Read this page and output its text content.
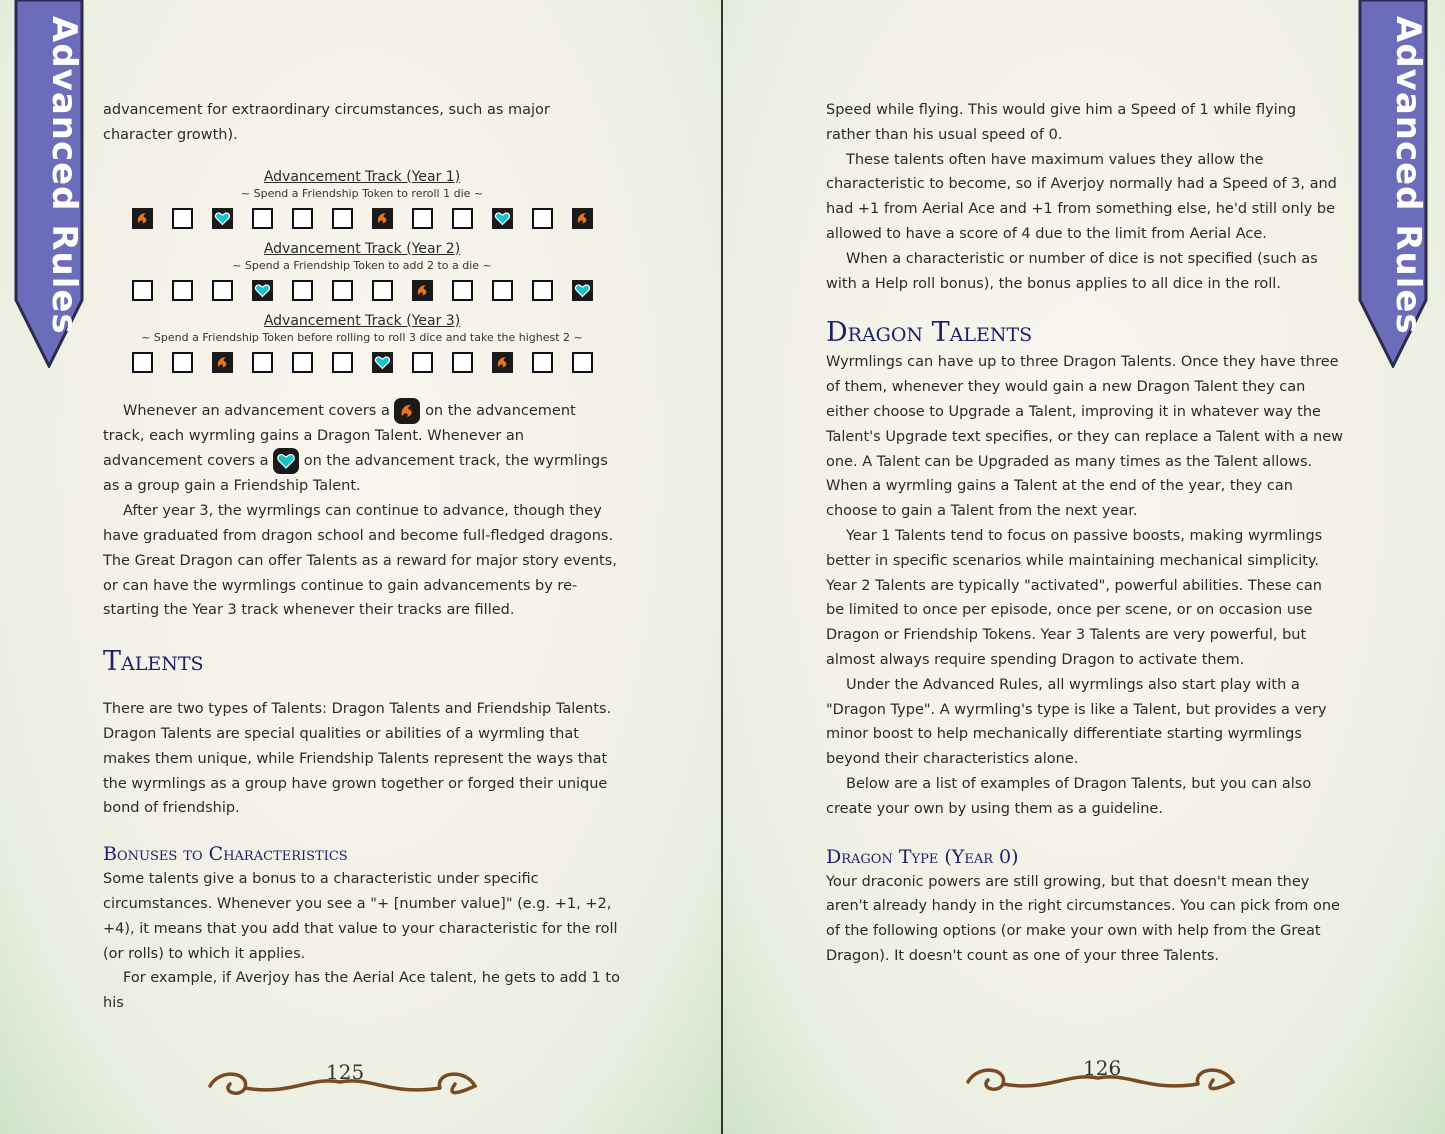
Advanced Rules	Advanced Rules

advancement for extraordinary circumstances, such as major character growth).

Advancement Track (Year 1)
~ Spend a Friendship Token to reroll 1 die ~
Advancement Track (Year 2)
~ Spend a Friendship Token to add 2 to a die ~
Advancement Track (Year 3)
~ Spend a Friendship Token before rolling to roll 3 dice and take the highest 2 ~

Whenever an advancement covers a on the advancement track, each wyrmling gains a Dragon Talent. Whenever an advancement covers a on the advancement track, the wyrmlings as a group gain a Friendship Talent.

After year 3, the wyrmlings can continue to advance, though they have graduated from dragon school and become full-fledged dragons. The Great Dragon can offer Talents as a reward for major story events, or can have the wyrmlings continue to gain advancements by re-starting the Year 3 track whenever their tracks are filled.

Talents

There are two types of Talents: Dragon Talents and Friendship Talents. Dragon Talents are special qualities or abilities of a wyrmling that makes them unique, while Friendship Talents represent the ways that the wyrmlings as a group have grown together or forged their unique bond of friendship.

Bonuses to Characteristics

Some talents give a bonus to a characteristic under specific circumstances. Whenever you see a "+ [number value]" (e.g. +1, +2, +4), it means that you add that value to your characteristic for the roll (or rolls) to which it applies.

For example, if Averjoy has the Aerial Ace talent, he gets to add 1 to his

Speed while flying. This would give him a Speed of 1 while flying rather than his usual speed of 0.

These talents often have maximum values they allow the characteristic to become, so if Averjoy normally had a Speed of 3, and had +1 from Aerial Ace and +1 from something else, he'd still only be allowed to have a score of 4 due to the limit from Aerial Ace.

When a characteristic or number of dice is not specified (such as with a Help roll bonus), the bonus applies to all dice in the roll.

Dragon Talents

Wyrmlings can have up to three Dragon Talents. Once they have three of them, whenever they would gain a new Dragon Talent they can either choose to Upgrade a Talent, improving it in whatever way the Talent's Upgrade text specifies, or they can replace a Talent with a new one. A Talent can be Upgraded as many times as the Talent allows. When a wyrmling gains a Talent at the end of the year, they can choose to gain a Talent from the next year.

Year 1 Talents tend to focus on passive boosts, making wyrmlings better in specific scenarios while maintaining mechanical simplicity. Year 2 Talents are typically "activated", powerful abilities. These can be limited to once per episode, once per scene, or on occasion use Dragon or Friendship Tokens. Year 3 Talents are very powerful, but almost always require spending Dragon to activate them.

Under the Advanced Rules, all wyrmlings also start play with a "Dragon Type". A wyrmling's type is like a Talent, but provides a very minor boost to help mechanically differentiate starting wyrmlings beyond their characteristics alone.

Below are a list of examples of Dragon Talents, but you can also create your own by using them as a guideline.

Dragon Type (Year 0)

Your draconic powers are still growing, but that doesn't mean they aren't already handy in the right circumstances. You can pick from one of the following options (or make your own with help from the Great Dragon). It doesn't count as one of your three Talents.

125	126
